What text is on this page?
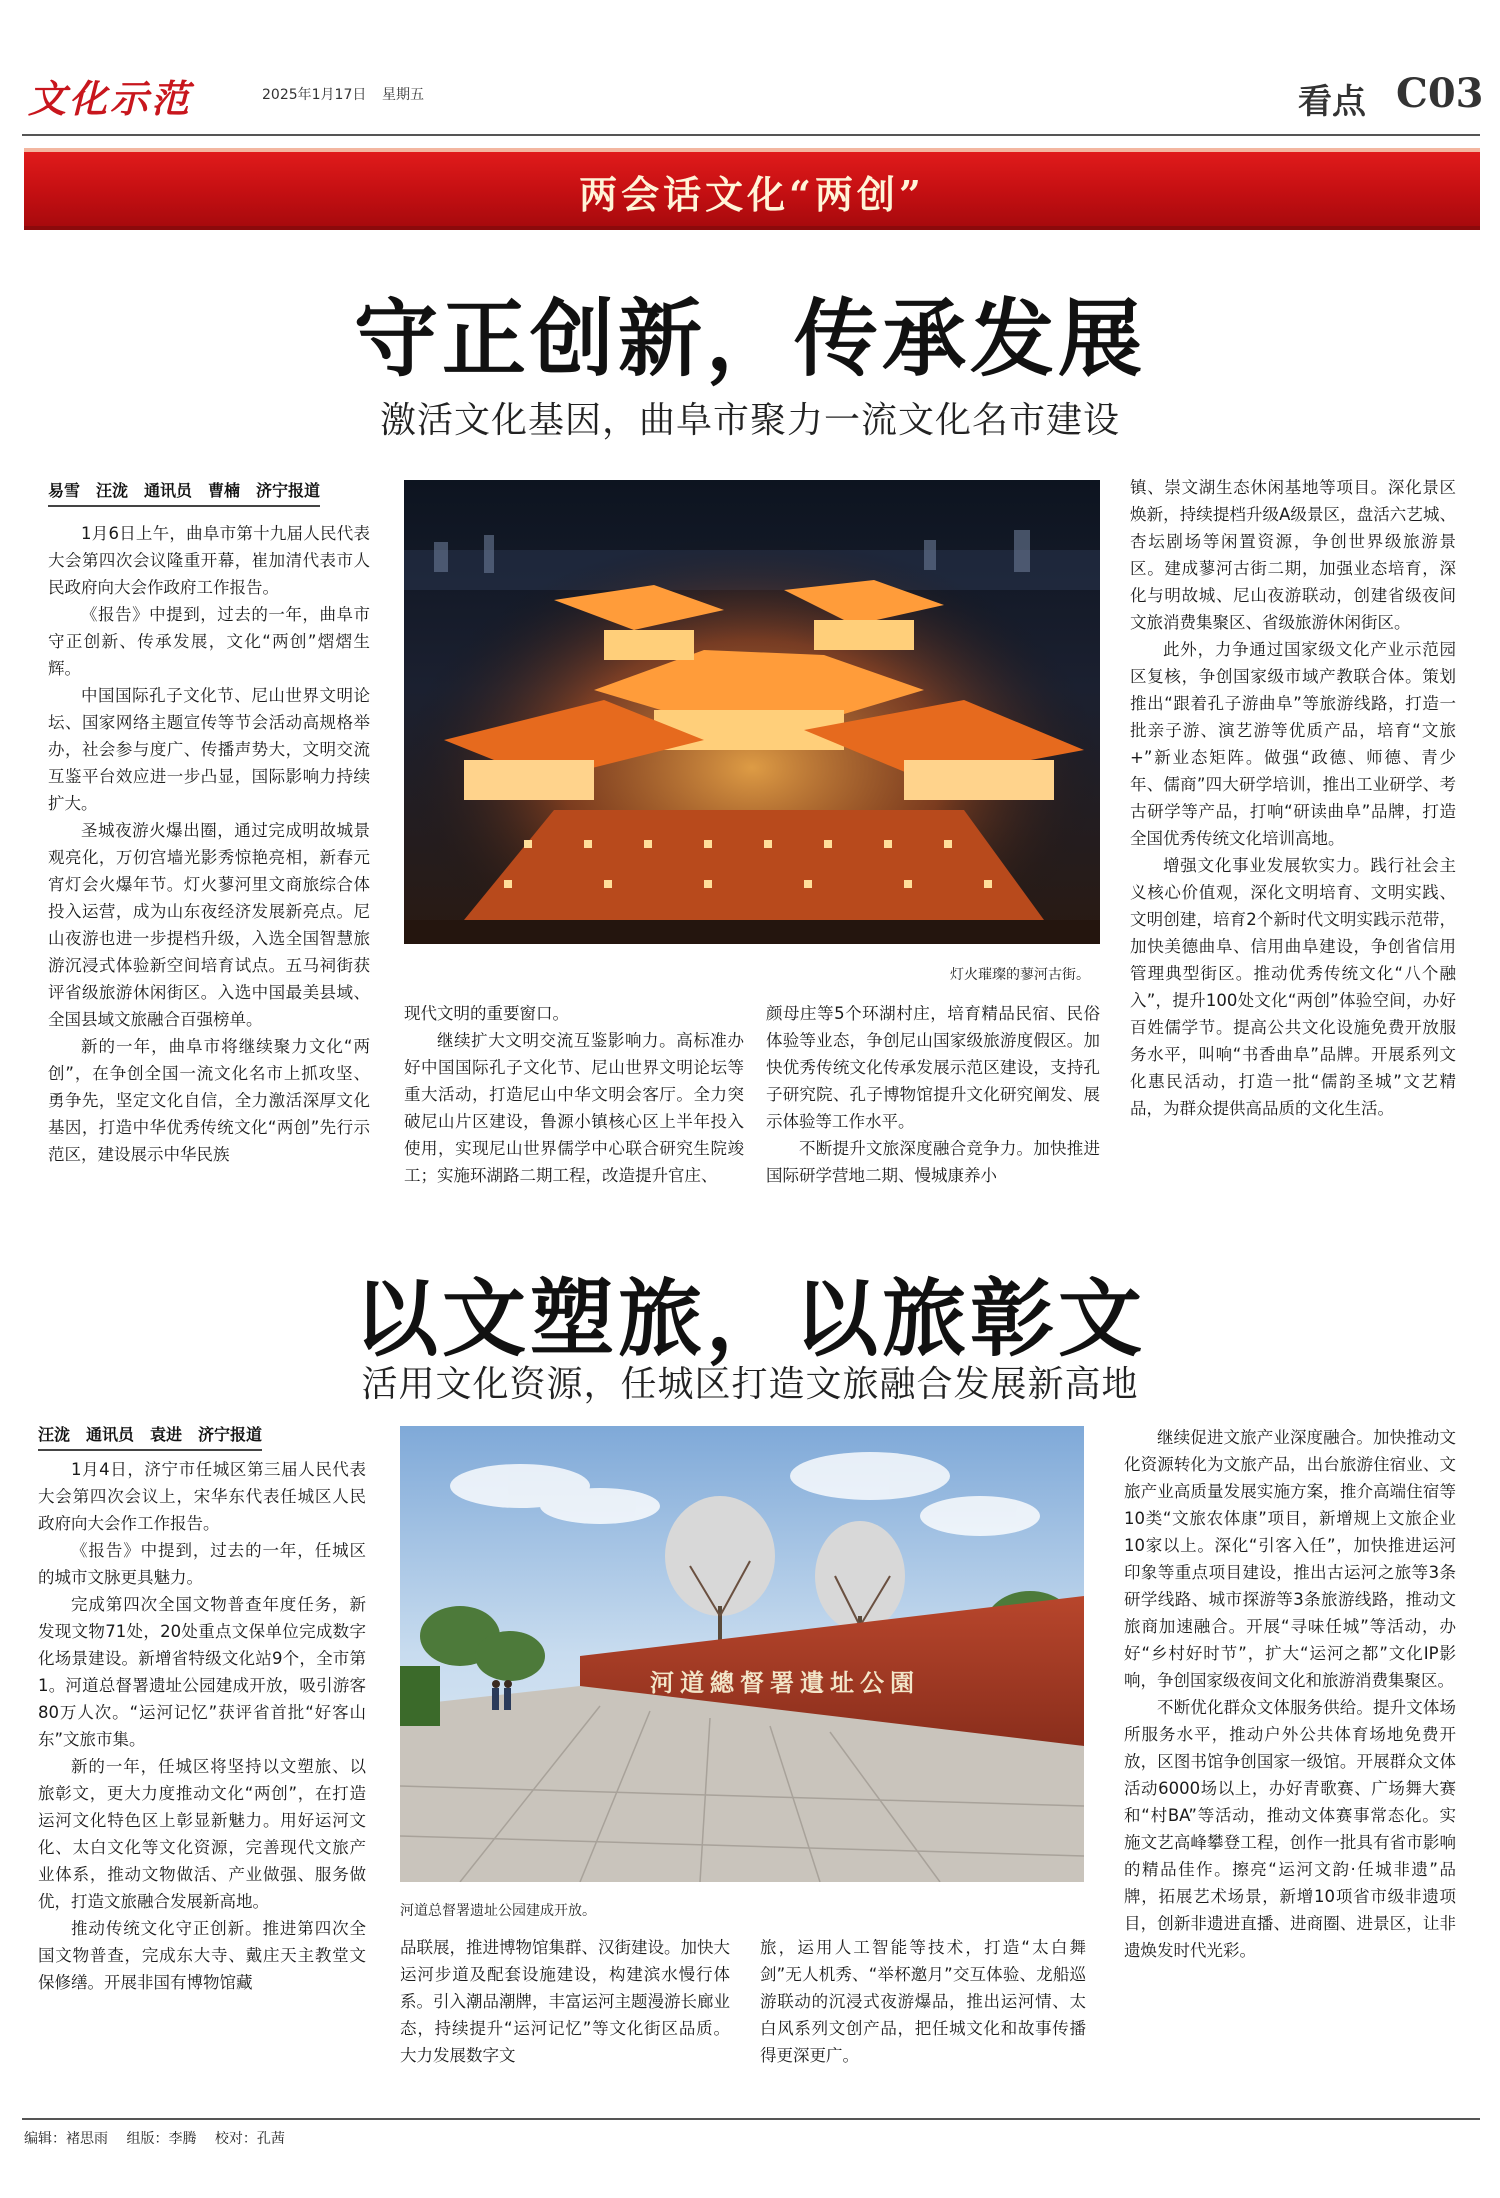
文化示范	2025年1月17日 星期五	看点 C03
两会话文化“两创”
守正创新，传承发展
激活文化基因，曲阜市聚力一流文化名市建设
易雪　汪泷　通讯员　曹楠　济宁报道

1月6日上午，曲阜市第十九届人民代表大会第四次会议隆重开幕，崔加清代表市人民政府向大会作政府工作报告。

《报告》中提到，过去的一年，曲阜市守正创新、传承发展，文化“两创”熠熠生辉。

中国国际孔子文化节、尼山世界文明论坛、国家网络主题宣传等节会活动高规格举办，社会参与度广、传播声势大，文明交流互鉴平台效应进一步凸显，国际影响力持续扩大。

圣城夜游火爆出圈，通过完成明故城景观亮化，万仞宫墙光影秀惊艳亮相，新春元宵灯会火爆年节。灯火蓼河里文商旅综合体投入运营，成为山东夜经济发展新亮点。尼山夜游也进一步提档升级，入选全国智慧旅游沉浸式体验新空间培育试点。五马祠街获评省级旅游休闲街区。入选中国最美县域、全国县域文旅融合百强榜单。

新的一年，曲阜市将继续聚力文化“两创”，在争创全国一流文化名市上抓攻坚、勇争先，坚定文化自信，全力激活深厚文化基因，打造中华优秀传统文化“两创”先行示范区，建设展示中华民族

灯火璀璨的蓼河古街。

现代文明的重要窗口。

继续扩大文明交流互鉴影响力。高标准办好中国国际孔子文化节、尼山世界文明论坛等重大活动，打造尼山中华文明会客厅。全力突破尼山片区建设，鲁源小镇核心区上半年投入使用，实现尼山世界儒学中心联合研究生院竣工；实施环湖路二期工程，改造提升官庄、

颜母庄等5个环湖村庄，培育精品民宿、民俗体验等业态，争创尼山国家级旅游度假区。加快优秀传统文化传承发展示范区建设，支持孔子研究院、孔子博物馆提升文化研究阐发、展示体验等工作水平。

不断提升文旅深度融合竞争力。加快推进国际研学营地二期、慢城康养小

镇、崇文湖生态休闲基地等项目。深化景区焕新，持续提档升级A级景区，盘活六艺城、杏坛剧场等闲置资源，争创世界级旅游景区。建成蓼河古街二期，加强业态培育，深化与明故城、尼山夜游联动，创建省级夜间文旅消费集聚区、省级旅游休闲街区。

此外，力争通过国家级文化产业示范园区复核，争创国家级市域产教联合体。策划推出“跟着孔子游曲阜”等旅游线路，打造一批亲子游、演艺游等优质产品，培育“文旅+”新业态矩阵。做强“政德、师德、青少年、儒商”四大研学培训，推出工业研学、考古研学等产品，打响“研读曲阜”品牌，打造全国优秀传统文化培训高地。

增强文化事业发展软实力。践行社会主义核心价值观，深化文明培育、文明实践、文明创建，培育2个新时代文明实践示范带，加快美德曲阜、信用曲阜建设，争创省信用管理典型街区。推动优秀传统文化“八个融入”，提升100处文化“两创”体验空间，办好百姓儒学节。提高公共文化设施免费开放服务水平，叫响“书香曲阜”品牌。开展系列文化惠民活动，打造一批“儒韵圣城”文艺精品，为群众提供高品质的文化生活。

以文塑旅，以旅彰文
活用文化资源，任城区打造文旅融合发展新高地
汪泷　通讯员　袁进　济宁报道

1月4日，济宁市任城区第三届人民代表大会第四次会议上，宋华东代表任城区人民政府向大会作工作报告。

《报告》中提到，过去的一年，任城区的城市文脉更具魅力。

完成第四次全国文物普查年度任务，新发现文物71处，20处重点文保单位完成数字化场景建设。新增省特级文化站9个，全市第1。河道总督署遗址公园建成开放，吸引游客80万人次。“运河记忆”获评省首批“好客山东”文旅市集。

新的一年，任城区将坚持以文塑旅、以旅彰文，更大力度推动文化“两创”，在打造运河文化特色区上彰显新魅力。用好运河文化、太白文化等文化资源，完善现代文旅产业体系，推动文物做活、产业做强、服务做优，打造文旅融合发展新高地。

推动传统文化守正创新。推进第四次全国文物普查，完成东大寺、戴庄天主教堂文保修缮。开展非国有博物馆藏

河道總督署遺址公園
河道总督署遗址公园建成开放。

品联展，推进博物馆集群、汉街建设。加快大运河步道及配套设施建设，构建滨水慢行体系。引入潮品潮牌，丰富运河主题漫游长廊业态，持续提升“运河记忆”等文化街区品质。大力发展数字文

旅，运用人工智能等技术，打造“太白舞剑”无人机秀、“举杯邀月”交互体验、龙船巡游联动的沉浸式夜游爆品，推出运河情、太白风系列文创产品，把任城文化和故事传播得更深更广。

继续促进文旅产业深度融合。加快推动文化资源转化为文旅产品，出台旅游住宿业、文旅产业高质量发展实施方案，推介高端住宿等10类“文旅农体康”项目，新增规上文旅企业10家以上。深化“引客入任”，加快推进运河印象等重点项目建设，推出古运河之旅等3条研学线路、城市探游等3条旅游线路，推动文旅商加速融合。开展“寻味任城”等活动，办好“乡村好时节”，扩大“运河之都”文化IP影响，争创国家级夜间文化和旅游消费集聚区。

不断优化群众文体服务供给。提升文体场所服务水平，推动户外公共体育场地免费开放，区图书馆争创国家一级馆。开展群众文体活动6000场以上，办好青歌赛、广场舞大赛和“村BA”等活动，推动文体赛事常态化。实施文艺高峰攀登工程，创作一批具有省市影响的精品佳作。擦亮“运河文韵·任城非遗”品牌，拓展艺术场景，新增10项省市级非遗项目，创新非遗进直播、进商圈、进景区，让非遗焕发时代光彩。

编辑：褚思雨 组版：李腾 校对：孔茜
